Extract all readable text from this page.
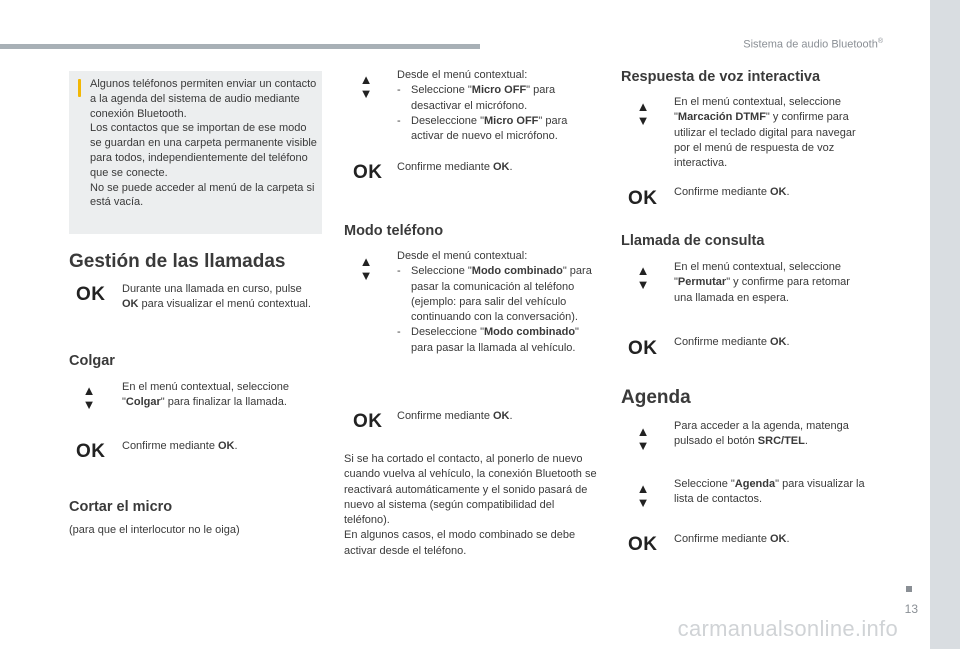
Sistema de audio Bluetooth®

Algunos teléfonos permiten enviar un contacto a la agenda del sistema de audio mediante conexión Bluetooth.

Los contactos que se importan de ese modo se guardan en una carpeta permanente visible para todos, independientemente del teléfono que se conecte.

No se puede acceder al menú de la carpeta si está vacía.

Gestión de las llamadas
OK Durante una llamada en curso, pulse OK para visualizar el menú contextual.
Colgar
▲
▼
En el menú contextual, seleccione "Colgar" para finalizar la llamada.
OK Confirme mediante OK.
Cortar el micro
(para que el interlocutor no le oiga)
▲
▼
Desde el menú contextual:
- Seleccione "Micro OFF" para desactivar el micrófono.
- Deseleccione "Micro OFF" para activar de nuevo el micrófono.
OK Confirme mediante OK.
Modo teléfono
▲
▼
Desde el menú contextual:
- Seleccione "Modo combinado" para pasar la comunicación al teléfono (ejemplo: para salir del vehículo continuando con la conversación).
- Deseleccione "Modo combinado" para pasar la llamada al vehículo.
OK Confirme mediante OK.
Si se ha cortado el contacto, al ponerlo de nuevo cuando vuelva al vehículo, la conexión Bluetooth se reactivará automáticamente y el sonido pasará de nuevo al sistema (según compatibilidad del teléfono).
En algunos casos, el modo combinado se debe activar desde el teléfono.
Respuesta de voz interactiva
▲
▼
En el menú contextual, seleccione "Marcación DTMF" y confirme para utilizar el teclado digital para navegar por el menú de respuesta de voz interactiva.
OK Confirme mediante OK.
Llamada de consulta
▲
▼
En el menú contextual, seleccione "Permutar" y confirme para retomar una llamada en espera.
OK Confirme mediante OK.
Agenda
▲
▼
Para acceder a la agenda, matenga pulsado el botón SRC/TEL.
▲
▼
Seleccione "Agenda" para visualizar la lista de contactos.
OK Confirme mediante OK.
13
carmanualsonline.info
